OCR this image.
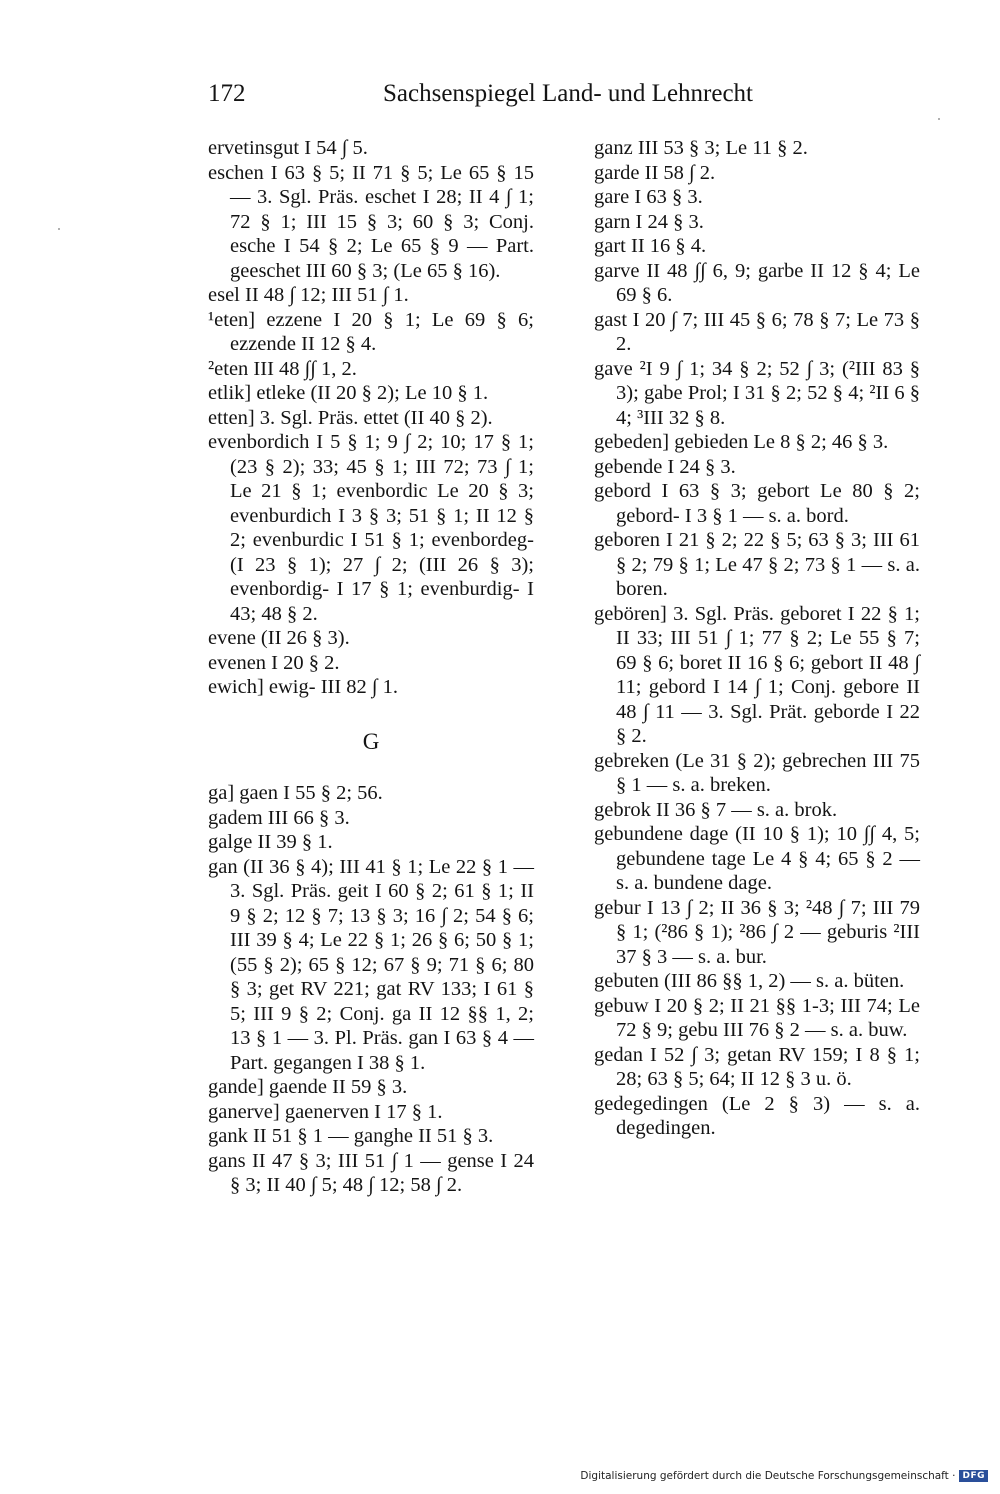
172	Sachsenspiegel Land- und Lehnrecht

ervetinsgut I 54 ∫ 5.

eschen I 63 § 5; II 71 § 5; Le 65 § 15 — 3. Sgl. Präs. eschet I 28; II 4 ∫ 1; 72 § 1; III 15 § 3; 60 § 3; Conj. esche I 54 § 2; Le 65 § 9 — Part. geeschet III 60 § 3; (Le 65 § 16).

esel II 48 ∫ 12; III 51 ∫ 1.

¹eten] ezzene I 20 § 1; Le 69 § 6; ezzende II 12 § 4.

²eten III 48 ∫∫ 1, 2.

etlik] etleke (II 20 § 2); Le 10 § 1.

etten] 3. Sgl. Präs. ettet (II 40 § 2).

evenbordich I 5 § 1; 9 ∫ 2; 10; 17 § 1; (23 § 2); 33; 45 § 1; III 72; 73 ∫ 1; Le 21 § 1; evenbordic Le 20 § 3; evenburdich I 3 § 3; 51 § 1; II 12 § 2; evenburdic I 51 § 1; evenbordeg- (I 23 § 1); 27 ∫ 2; (III 26 § 3); evenbordig- I 17 § 1; evenburdig- I 43; 48 § 2.

evene (II 26 § 3).

evenen I 20 § 2.

ewich] ewig- III 82 ∫ 1.

G

ga] gaen I 55 § 2; 56.

gadem III 66 § 3.

galge II 39 § 1.

gan (II 36 § 4); III 41 § 1; Le 22 § 1 — 3. Sgl. Präs. geit I 60 § 2; 61 § 1; II 9 § 2; 12 § 7; 13 § 3; 16 ∫ 2; 54 § 6; III 39 § 4; Le 22 § 1; 26 § 6; 50 § 1; (55 § 2); 65 § 12; 67 § 9; 71 § 6; 80 § 3; get RV 221; gat RV 133; I 61 § 5; III 9 § 2; Conj. ga II 12 §§ 1, 2; 13 § 1 — 3. Pl. Präs. gan I 63 § 4 — Part. gegangen I 38 § 1.

gande] gaende II 59 § 3.

ganerve] gaenerven I 17 § 1.

gank II 51 § 1 — ganghe II 51 § 3.

gans II 47 § 3; III 51 ∫ 1 — gense I 24 § 3; II 40 ∫ 5; 48 ∫ 12; 58 ∫ 2.

ganz III 53 § 3; Le 11 § 2.

garde II 58 ∫ 2.

gare I 63 § 3.

garn I 24 § 3.

gart II 16 § 4.

garve II 48 ∫∫ 6, 9; garbe II 12 § 4; Le 69 § 6.

gast I 20 ∫ 7; III 45 § 6; 78 § 7; Le 73 § 2.

gave ²I 9 ∫ 1; 34 § 2; 52 ∫ 3; (²III 83 § 3); gabe Prol; I 31 § 2; 52 § 4; ²II 6 § 4; ³III 32 § 8.

gebeden] gebieden Le 8 § 2; 46 § 3.

gebende I 24 § 3.

gebord I 63 § 3; gebort Le 80 § 2; gebord- I 3 § 1 — s. a. bord.

geboren I 21 § 2; 22 § 5; 63 § 3; III 61 § 2; 79 § 1; Le 47 § 2; 73 § 1 — s. a. boren.

gebören] 3. Sgl. Präs. geboret I 22 § 1; II 33; III 51 ∫ 1; 77 § 2; Le 55 § 7; 69 § 6; boret II 16 § 6; gebort II 48 ∫ 11; gebord I 14 ∫ 1; Conj. gebore II 48 ∫ 11 — 3. Sgl. Prät. geborde I 22 § 2.

gebreken (Le 31 § 2); gebrechen III 75 § 1 — s. a. breken.

gebrok II 36 § 7 — s. a. brok.

gebundene dage (II 10 § 1); 10 ∫∫ 4, 5; gebundene tage Le 4 § 4; 65 § 2 — s. a. bundene dage.

gebur I 13 ∫ 2; II 36 § 3; ²48 ∫ 7; III 79 § 1; (²86 § 1); ²86 ∫ 2 — geburis ²III 37 § 3 — s. a. bur.

gebuten (III 86 §§ 1, 2) — s. a. büten.

gebuw I 20 § 2; II 21 §§ 1-3; III 74; Le 72 § 9; gebu III 76 § 2 — s. a. buw.

gedan I 52 ∫ 3; getan RV 159; I 8 § 1; 28; 63 § 5; 64; II 12 § 3 u. ö.

gedegedingen (Le 2 § 3) — s. a. degedingen.

Digitalisierung gefördert durch die Deutsche Forschungsgemeinschaft · DFG
